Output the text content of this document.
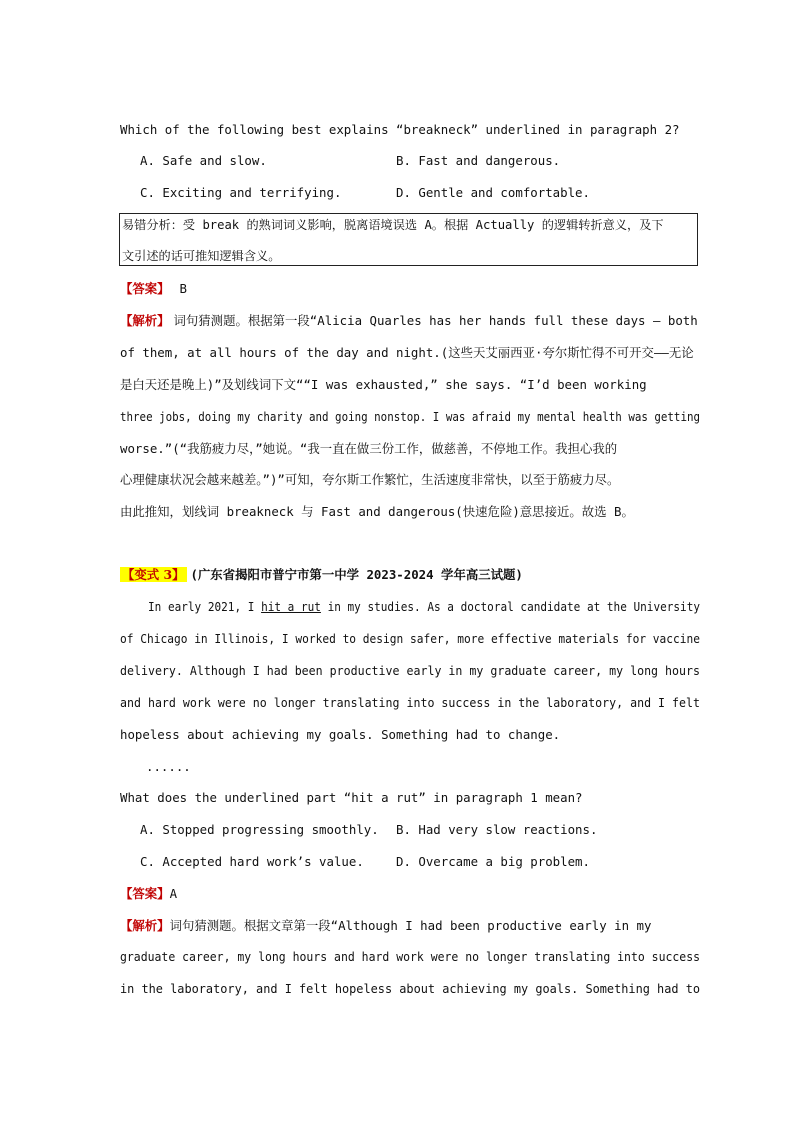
Which of the following best explains “breakneck” underlined in paragraph 2?
A. Safe and slow.	B. Fast and dangerous.
C. Exciting and terrifying.	D. Gentle and comfortable.
易错分析：受 break 的熟词词义影响，脱离语境误选 A。根据 Actually 的逻辑转折意义，及下
文引述的话可推知逻辑含义。
【答案】 B
【解析】 词句猜测题。根据第一段“Alicia Quarles has her hands full these days — both
of them, at all hours of the day and night.(这些天艾丽西亚·夸尔斯忙得不可开交——无论
是白天还是晚上)”及划线词下文““I was exhausted,” she says. “I’d been working
three jobs, doing my charity and going nonstop. I was afraid my mental health was getting
worse.”(“我筋疲力尽，”她说。“我一直在做三份工作，做慈善，不停地工作。我担心我的
心理健康状况会越来越差。”)”可知，夸尔斯工作繁忙，生活速度非常快，以至于筋疲力尽。
由此推知，划线词 breakneck 与 Fast and dangerous(快速危险)意思接近。故选 B。
【变式 3】 (广东省揭阳市普宁市第一中学 2023-2024 学年高三试题)
In early 2021, I hit a rut in my studies. As a doctoral candidate at the University
of Chicago in Illinois, I worked to design safer, more effective materials for vaccine
delivery. Although I had been productive early in my graduate career, my long hours
and hard work were no longer translating into success in the laboratory, and I felt
hopeless about achieving my goals. Something had to change.
......
What does the underlined part “hit a rut” in paragraph 1 mean?
A. Stopped progressing smoothly. B. Had very slow reactions.
C. Accepted hard work’s value.	D. Overcame a big problem.
【答案】A
【解析】词句猜测题。根据文章第一段“Although I had been productive early in my
graduate career, my long hours and hard work were no longer translating into success
in the laboratory, and I felt hopeless about achieving my goals. Something had to
